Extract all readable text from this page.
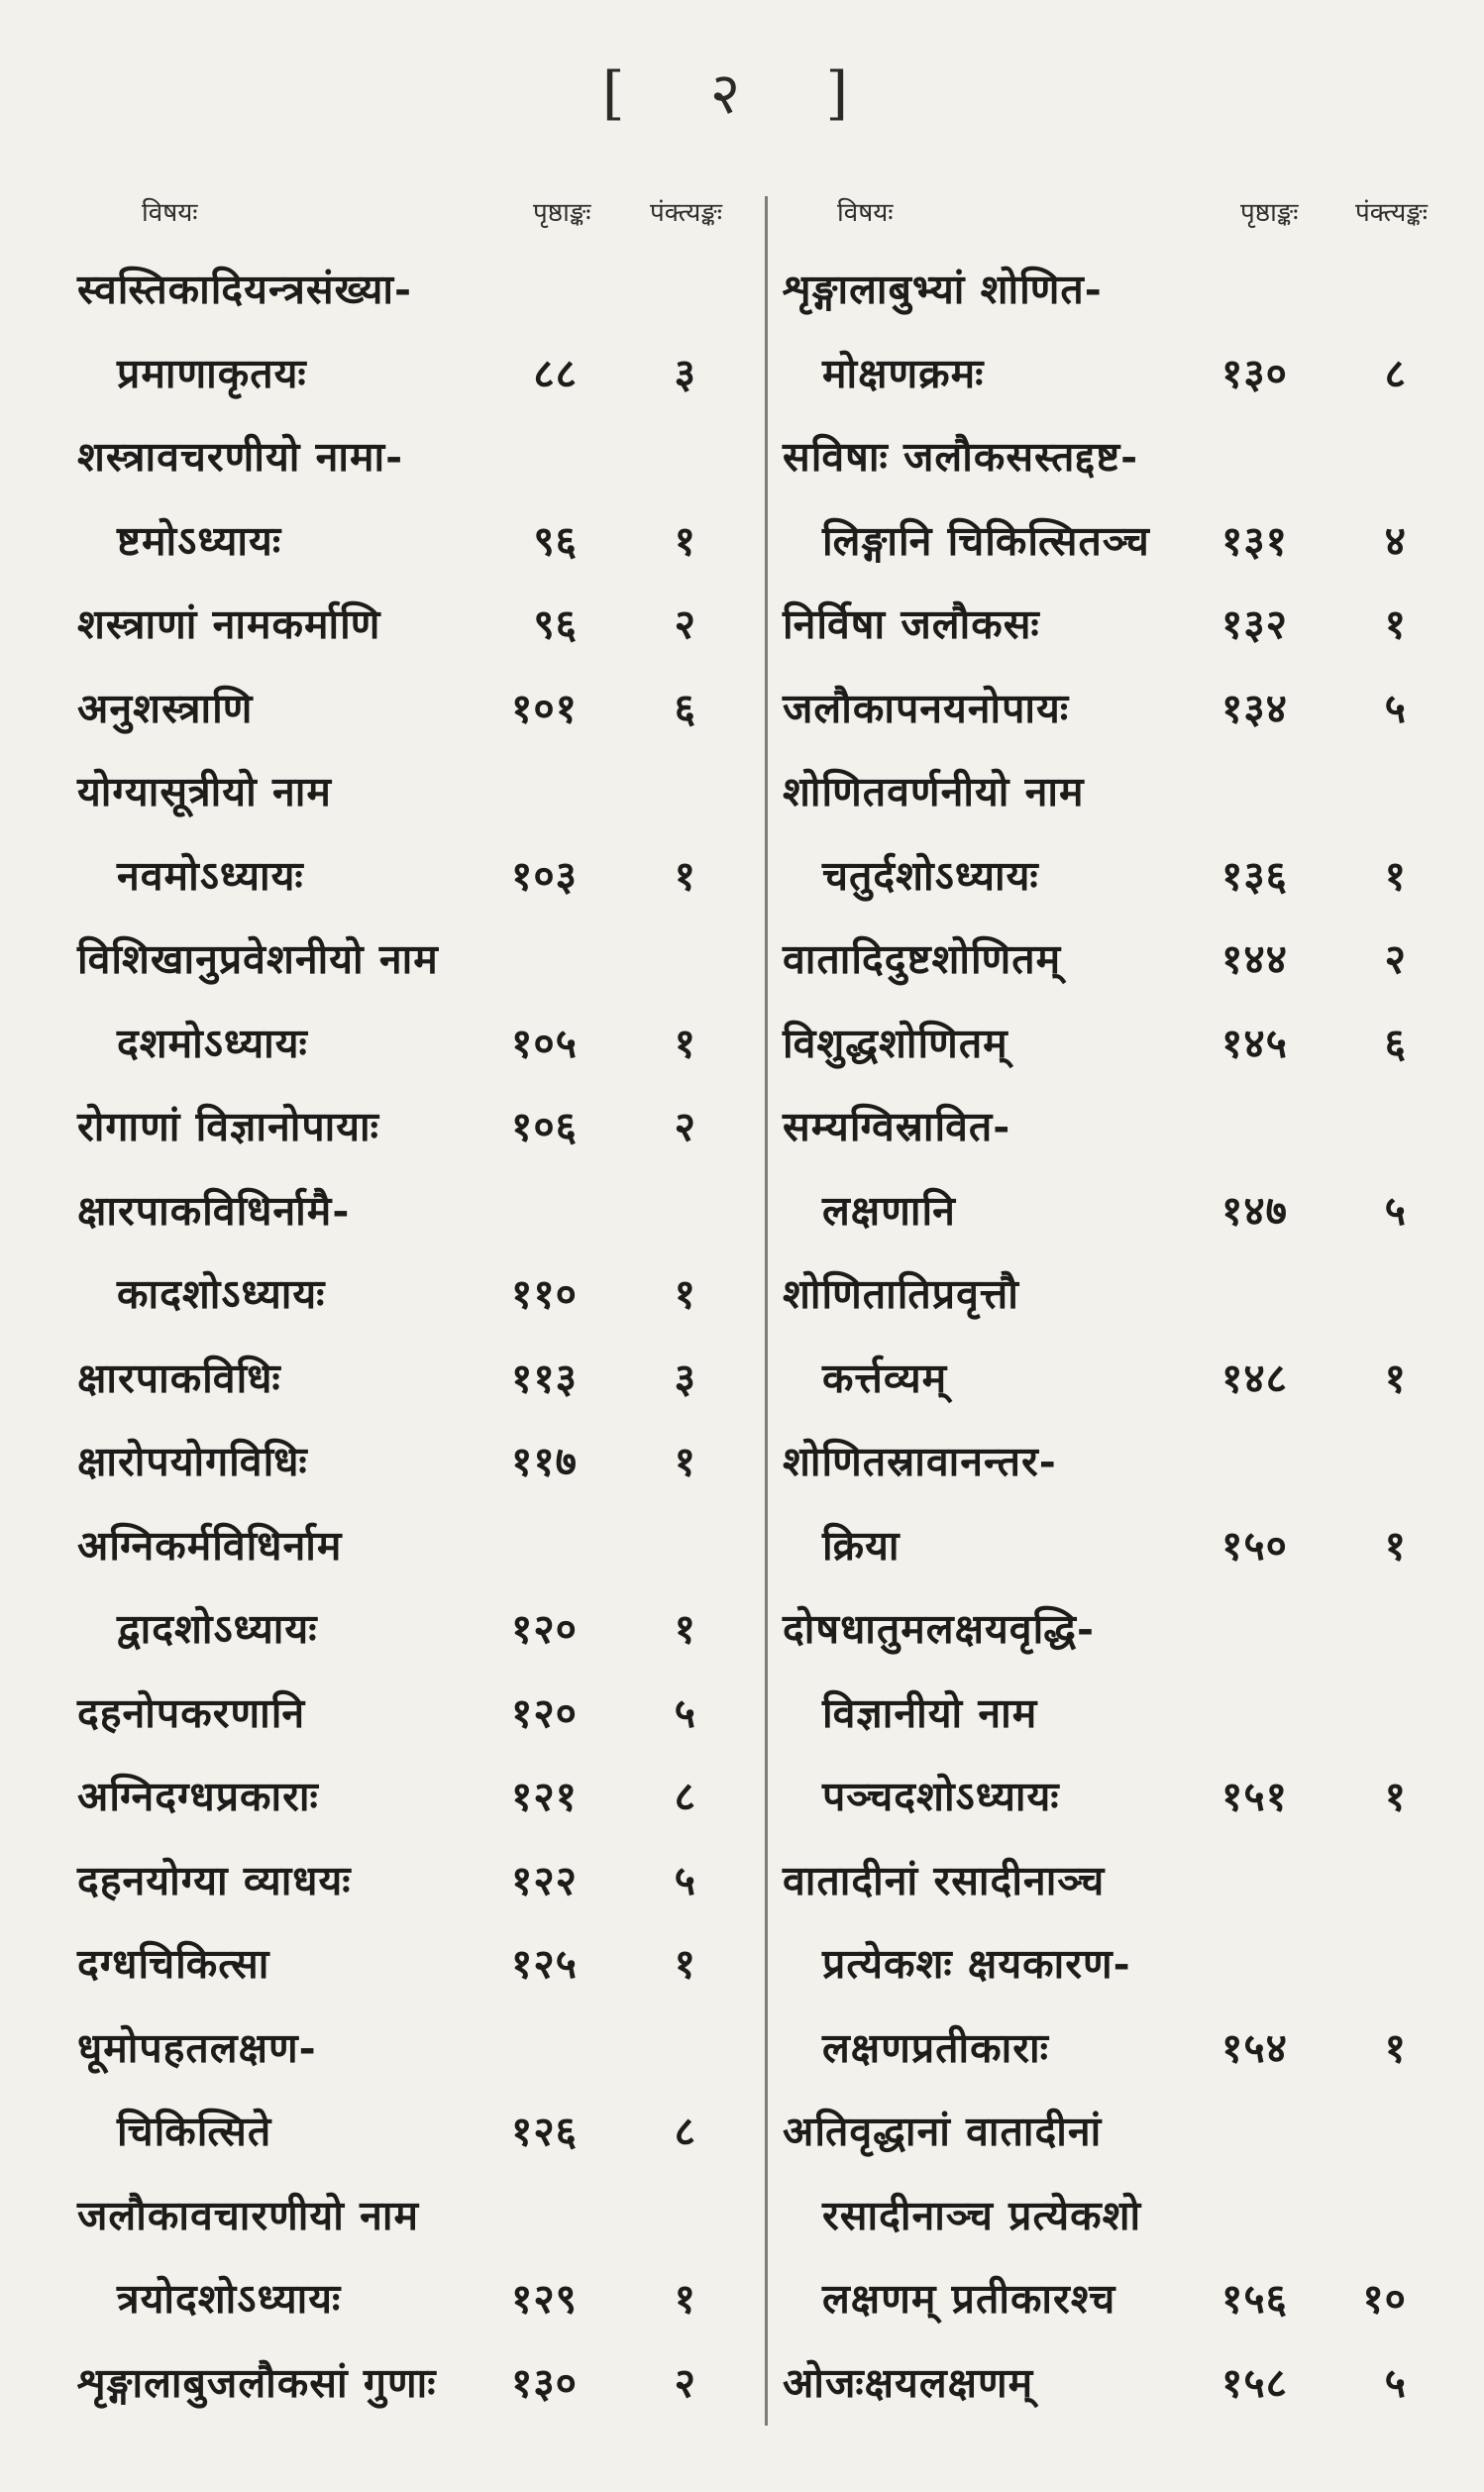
[ २ ]
विषयः	पृष्ठाङ्कः पंक्त्यङ्कः
स्वस्तिकादियन्त्रसंख्या-
प्रमाणाकृतयः	८८	३
शस्त्रावचरणीयो नामा-
ष्टमोऽध्यायः	९६	१
शस्त्राणां नामकर्माणि	९६	२
अनुशस्त्राणि	१०१	६
योग्यासूत्रीयो नाम
नवमोऽध्यायः	१०३	१
विशिखानुप्रवेशनीयो नाम
दशमोऽध्यायः	१०५	१
रोगाणां विज्ञानोपायाः	१०६	२
क्षारपाकविधिर्नामै-
कादशोऽध्यायः	११०	१
क्षारपाकविधिः	११३	३
क्षारोपयोगविधिः	११७	१
अग्निकर्मविधिर्नाम
द्वादशोऽध्यायः	१२०	१
दहनोपकरणानि	१२०	५
अग्निदग्धप्रकाराः	१२१	८
दहनयोग्या व्याधयः	१२२	५
दग्धचिकित्सा	१२५	१
धूमोपहतलक्षण-
चिकित्सिते	१२६	८
जलौकावचारणीयो नाम
त्रयोदशोऽध्यायः	१२९	१
शृङ्गालाबुजलौकसां गुणाः	१३०	२
विषयः	पृष्ठाङ्कः पंक्त्यङ्कः
शृङ्गालाबुभ्यां शोणित-
मोक्षणक्रमः	१३०	८
सविषाः जलौकसस्तद्दष्ट-
लिङ्गानि चिकित्सितञ्च	१३१	४
निर्विषा जलौकसः	१३२	१
जलौकापनयनोपायः	१३४	५
शोणितवर्णनीयो नाम
चतुर्दशोऽध्यायः	१३६	१
वातादिदुष्टशोणितम्	१४४	२
विशुद्धशोणितम्	१४५	६
सम्यग्विस्रावित-
लक्षणानि	१४७	५
शोणितातिप्रवृत्तौ
कर्त्तव्यम्	१४८	१
शोणितस्रावानन्तर-
क्रिया	१५०	१
दोषधातुमलक्षयवृद्धि-
विज्ञानीयो नाम
पञ्चदशोऽध्यायः	१५१	१
वातादीनां रसादीनाञ्च
प्रत्येकशः क्षयकारण-
लक्षणप्रतीकाराः	१५४	१
अतिवृद्धानां वातादीनां
रसादीनाञ्च प्रत्येकशो
लक्षणम् प्रतीकारश्च	१५६	१०
ओजःक्षयलक्षणम्	१५८	५
